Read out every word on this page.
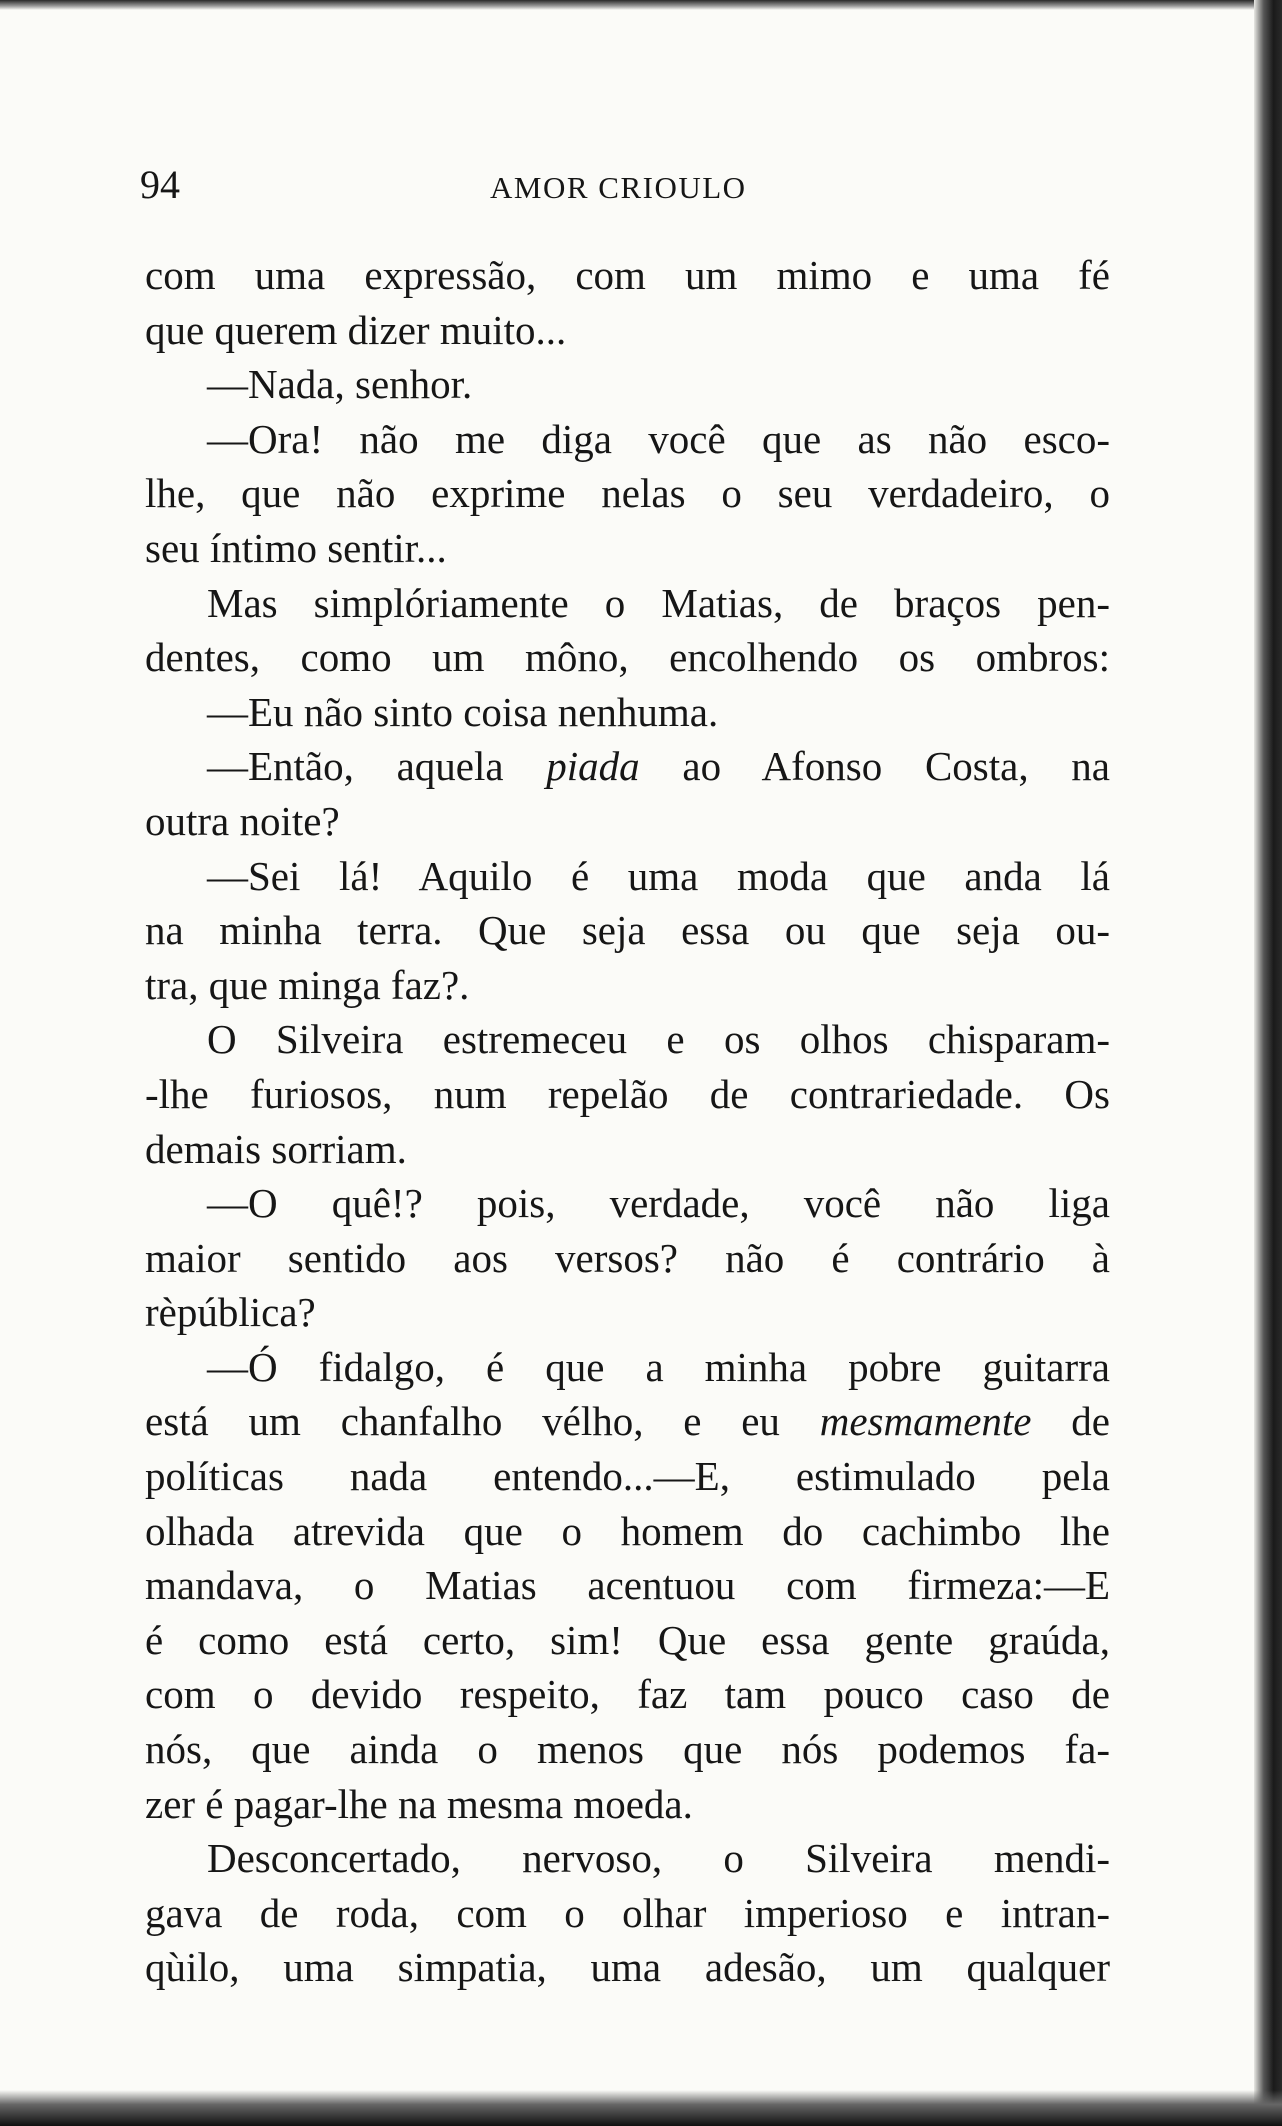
94	AMOR CRIOULO
com uma expressão, com um mimo e uma fé
que querem dizer muito...
—Nada, senhor.
—Ora! não me diga você que as não esco-
lhe, que não exprime nelas o seu verdadeiro, o
seu íntimo sentir...
Mas simplóriamente o Matias, de braços pen-
dentes, como um môno, encolhendo os ombros:
—Eu não sinto coisa nenhuma.
—Então, aquela piada ao Afonso Costa, na
outra noite?
—Sei lá! Aquilo é uma moda que anda lá
na minha terra. Que seja essa ou que seja ou-
tra, que minga faz?.
O Silveira estremeceu e os olhos chisparam-
-lhe furiosos, num repelão de contrariedade. Os
demais sorriam.
—O quê!? pois, verdade, você não liga
maior sentido aos versos? não é contrário à
rèpública?
—Ó fidalgo, é que a minha pobre guitarra
está um chanfalho vélho, e eu mesmamente de
políticas nada entendo...—E, estimulado pela
olhada atrevida que o homem do cachimbo lhe
mandava, o Matias acentuou com firmeza:—E
é como está certo, sim! Que essa gente graúda,
com o devido respeito, faz tam pouco caso de
nós, que ainda o menos que nós podemos fa-
zer é pagar-lhe na mesma moeda.
Desconcertado, nervoso, o Silveira mendi-
gava de roda, com o olhar imperioso e intran-
qùilo, uma simpatia, uma adesão, um qualquer
